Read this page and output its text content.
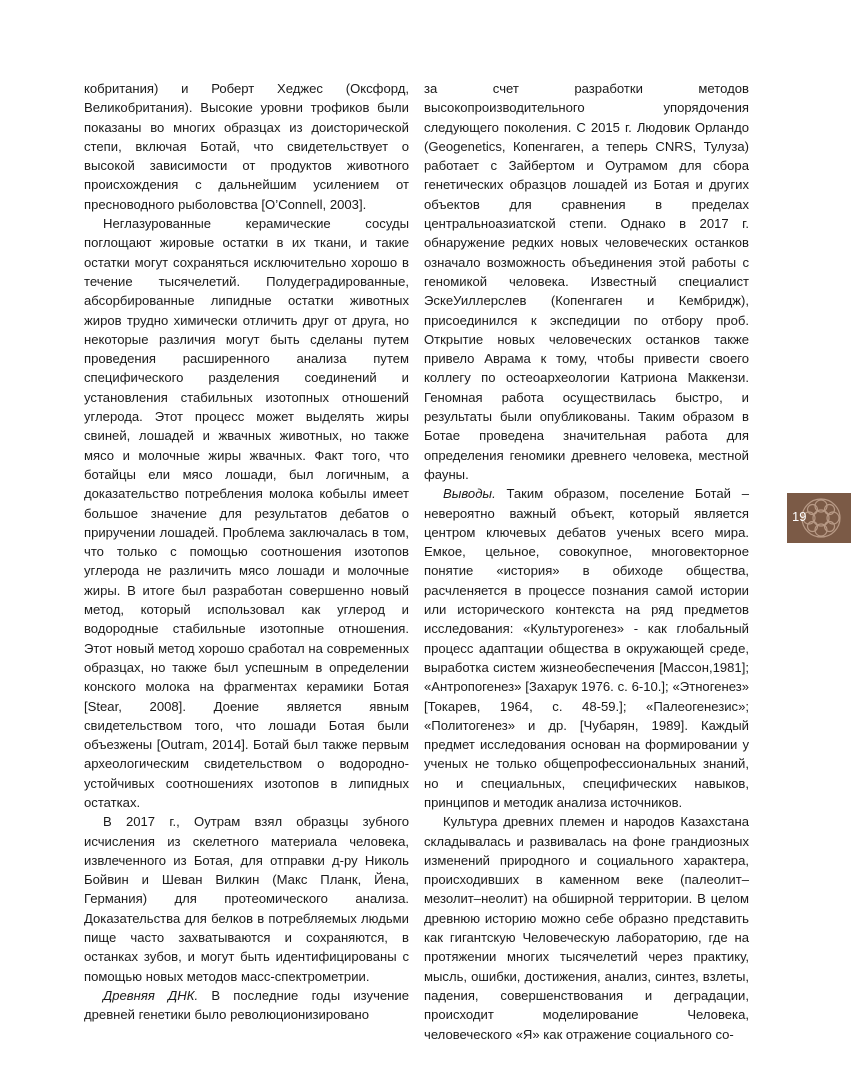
кобритания) и Роберт Хеджес (Оксфорд, Великобритания). Высокие уровни трофиков были показаны во многих образцах из доисторической степи, включая Ботай, что свидетельствует о высокой зависимости от продуктов животного происхождения с дальнейшим усилением от пресноводного рыболовства [O’Connell, 2003].

Неглазурованные керамические сосуды поглощают жировые остатки в их ткани, и такие остатки могут сохраняться исключительно хорошо в течение тысячелетий. Полудеградированные, абсорбированные липидные остатки животных жиров трудно химически отличить друг от друга, но некоторые различия могут быть сделаны путем проведения расширенного анализа путем специфического разделения соединений и установления стабильных изотопных отношений углерода. Этот процесс может выделять жиры свиней, лошадей и жвачных животных, но также мясо и молочные жиры жвачных. Факт того, что ботайцы ели мясо лошади, был логичным, а доказательство потребления молока кобылы имеет большое значение для результатов дебатов о приручении лошадей. Проблема заключалась в том, что только с помощью соотношения изотопов углерода не различить мясо лошади и молочные жиры. В итоге был разработан совершенно новый метод, который использовал как углерод и водородные стабильные изотопные отношения. Этот новый метод хорошо сработал на современных образцах, но также был успешным в определении конского молока на фрагментах керамики Ботая [Stear, 2008]. Доение является явным свидетельством того, что лошади Ботая были объезжены [Outram, 2014]. Ботай был также первым археологическим свидетельством о водородно-устойчивых соотношениях изотопов в липидных остатках.

В 2017 г., Оутрам взял образцы зубного исчисления из скелетного материала человека, извлеченного из Ботая, для отправки д-ру Николь Бойвин и Шеван Вилкин (Макс Планк, Йена, Германия) для протеомического анализа. Доказательства для белков в потребляемых людьми пище часто захватываются и сохраняются, в останках зубов, и могут быть идентифицированы с помощью новых методов масс-спектрометрии.

Древняя ДНК. В последние годы изучение древней генетики было революционизировано

за счет разработки методов высокопроизводительного упорядочения следующего поколения. С 2015 г. Людовик Орландо (Geogenetics, Копенгаген, а теперь CNRS, Тулуза) работает с Зайбертом и Оутрамом для сбора генетических образцов лошадей из Ботая и других объектов для сравнения в пределах центральноазиатской степи. Однако в 2017 г. обнаружение редких новых человеческих останков означало возможность объединения этой работы с геномикой человека. Известный специалист ЭскеУиллерслев (Копенгаген и Кембридж), присоединился к экспедиции по отбору проб. Открытие новых человеческих останков также привело Аврама к тому, чтобы привести своего коллегу по остеоархеологии Катриона Маккензи. Геномная работа осуществилась быстро, и результаты были опубликованы. Таким образом в Ботае проведена значительная работа для определения геномики древнего человека, местной фауны.

Выводы. Таким образом, поселение Ботай – невероятно важный объект, который является центром ключевых дебатов ученых всего мира. Емкое, цельное, совокупное, многовекторное понятие «история» в обиходе общества, расчленяется в процессе познания самой истории или исторического контекста на ряд предметов исследования: «Культурогенез» - как глобальный процесс адаптации общества в окружающей среде, выработка систем жизнеобеспечения [Массон,1981]; «Антропогенез» [Захарук 1976. с. 6-10.]; «Этногенез» [Токарев, 1964, с. 48-59.]; «Палеогенезис»; «Политогенез» и др. [Чубарян, 1989]. Каждый предмет исследования основан на формировании у ученых не только общепрофессиональных знаний, но и специальных, специфических навыков, принципов и методик анализа источников.

Культура древних племен и народов Казахстана складывалась и развивалась на фоне грандиозных изменений природного и социального характера, происходивших в каменном веке (палеолит–мезолит–неолит) на обширной территории. В целом древнюю историю можно себе образно представить как гигантскую Человеческую лабораторию, где на протяжении многих тысячелетий через практику, мысль, ошибки, достижения, анализ, синтез, взлеты, падения, совершенствования и деградации, происходит моделирование Человека, человеческого «Я» как отражение социального со-

19
